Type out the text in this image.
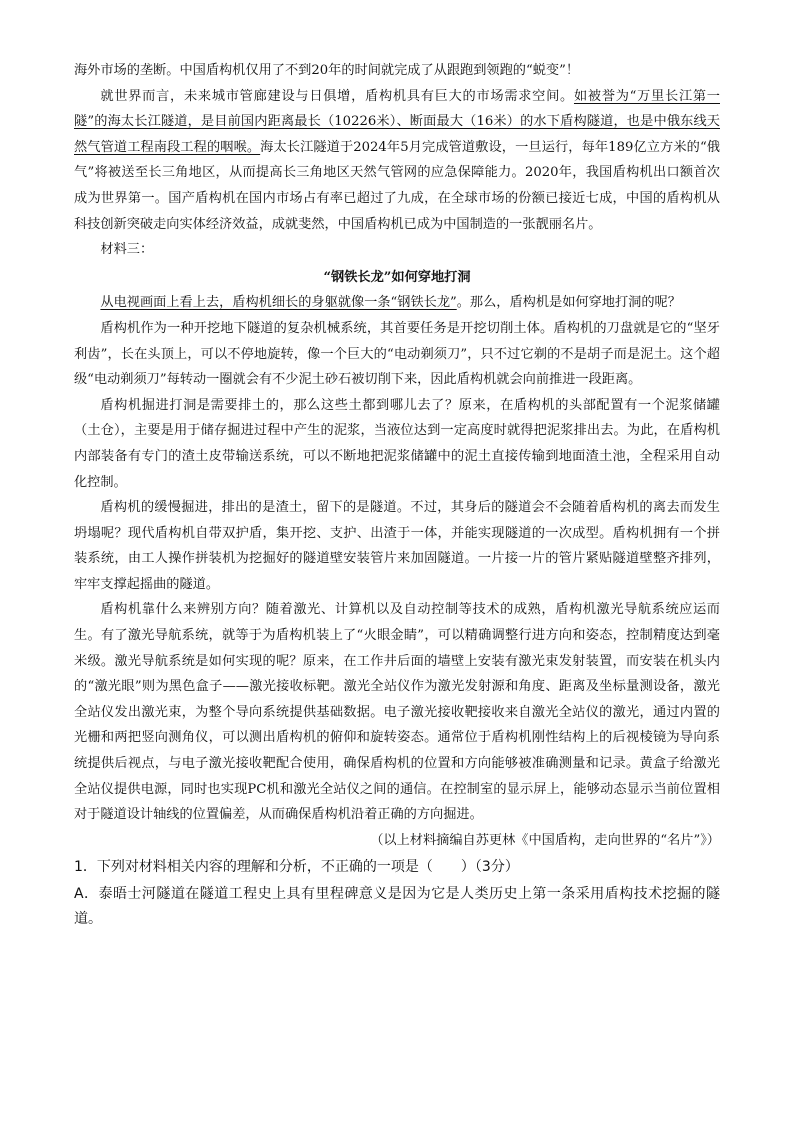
海外市场的垄断。中国盾构机仅用了不到20年的时间就完成了从跟跑到领跑的“蜕变”！

就世界而言，未来城市管廊建设与日俱增，盾构机具有巨大的市场需求空间。如被誉为“万里长江第一隧”的海太长江隧道，是目前国内距离最长（10226米）、断面最大（16米）的水下盾构隧道，也是中俄东线天然气管道工程南段工程的咽喉。海太长江隧道于2024年5月完成管道敷设，一旦运行，每年189亿立方米的“俄气”将被送至长三角地区，从而提高长三角地区天然气管网的应急保障能力。2020年，我国盾构机出口额首次成为世界第一。国产盾构机在国内市场占有率已超过了九成，在全球市场的份额已接近七成，中国的盾构机从科技创新突破走向实体经济效益，成就斐然，中国盾构机已成为中国制造的一张靓丽名片。

材料三：

“钢铁长龙”如何穿地打洞

从电视画面上看上去，盾构机细长的身躯就像一条“钢铁长龙”。那么，盾构机是如何穿地打洞的呢？

盾构机作为一种开挖地下隧道的复杂机械系统，其首要任务是开挖切削土体。盾构机的刀盘就是它的“坚牙利齿”，长在头顶上，可以不停地旋转，像一个巨大的“电动剃须刀”，只不过它剃的不是胡子而是泥土。这个超级“电动剃须刀”每转动一圈就会有不少泥土砂石被切削下来，因此盾构机就会向前推进一段距离。

盾构机掘进打洞是需要排土的，那么这些土都到哪儿去了？原来，在盾构机的头部配置有一个泥浆储罐（土仓），主要是用于储存掘进过程中产生的泥浆，当液位达到一定高度时就得把泥浆排出去。为此，在盾构机内部装备有专门的渣土皮带输送系统，可以不断地把泥浆储罐中的泥土直接传输到地面渣土池，全程采用自动化控制。

盾构机的缓慢掘进，排出的是渣土，留下的是隧道。不过，其身后的隧道会不会随着盾构机的离去而发生坍塌呢？现代盾构机自带双护盾，集开挖、支护、出渣于一体，并能实现隧道的一次成型。盾构机拥有一个拼装系统，由工人操作拼装机为挖掘好的隧道壁安装管片来加固隧道。一片接一片的管片紧贴隧道壁整齐排列，牢牢支撑起摇曲的隧道。

盾构机靠什么来辨别方向？随着激光、计算机以及自动控制等技术的成熟，盾构机激光导航系统应运而生。有了激光导航系统，就等于为盾构机装上了“火眼金睛”，可以精确调整行进方向和姿态，控制精度达到毫米级。激光导航系统是如何实现的呢？原来，在工作井后面的墙壁上安装有激光束发射装置，而安装在机头内的“激光眼”则为黑色盒子——激光接收标靶。激光全站仪作为激光发射源和角度、距离及坐标量测设备，激光全站仪发出激光束，为整个导向系统提供基础数据。电子激光接收靶接收来自激光全站仪的激光，通过内置的光栅和两把竖向测角仪，可以测出盾构机的俯仰和旋转姿态。通常位于盾构机刚性结构上的后视棱镜为导向系统提供后视点，与电子激光接收靶配合使用，确保盾构机的位置和方向能够被准确测量和记录。黄盒子给激光全站仪提供电源，同时也实现PC机和激光全站仪之间的通信。在控制室的显示屏上，能够动态显示当前位置相对于隧道设计轴线的位置偏差，从而确保盾构机沿着正确的方向掘进。

（以上材料摘编自苏更林《中国盾构，走向世界的“名片”》）

1．下列对材料相关内容的理解和分析，不正确的一项是（　　）（3分）

A．泰晤士河隧道在隧道工程史上具有里程碑意义是因为它是人类历史上第一条采用盾构技术挖掘的隧道。
